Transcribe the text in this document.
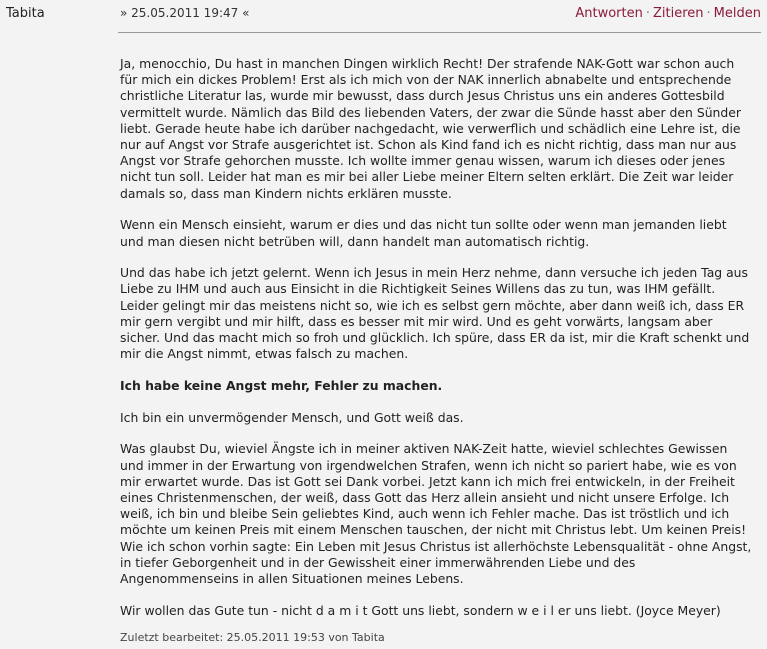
Tabita	» 25.05.2011 19:47 «	Antworten · Zitieren · Melden

Ja, menocchio, Du hast in manchen Dingen wirklich Recht! Der strafende NAK-Gott war schon auch für mich ein dickes Problem! Erst als ich mich von der NAK innerlich abnabelte und entsprechende christliche Literatur las, wurde mir bewusst, dass durch Jesus Christus uns ein anderes Gottesbild vermittelt wurde. Nämlich das Bild des liebenden Vaters, der zwar die Sünde hasst aber den Sünder liebt. Gerade heute habe ich darüber nachgedacht, wie verwerflich und schädlich eine Lehre ist, die nur auf Angst vor Strafe ausgerichtet ist. Schon als Kind fand ich es nicht richtig, dass man nur aus Angst vor Strafe gehorchen musste. Ich wollte immer genau wissen, warum ich dieses oder jenes nicht tun soll. Leider hat man es mir bei aller Liebe meiner Eltern selten erklärt. Die Zeit war leider damals so, dass man Kindern nichts erklären musste.

Wenn ein Mensch einsieht, warum er dies und das nicht tun sollte oder wenn man jemanden liebt und man diesen nicht betrüben will, dann handelt man automatisch richtig.

Und das habe ich jetzt gelernt. Wenn ich Jesus in mein Herz nehme, dann versuche ich jeden Tag aus Liebe zu IHM und auch aus Einsicht in die Richtigkeit Seines Willens das zu tun, was IHM gefällt. Leider gelingt mir das meistens nicht so, wie ich es selbst gern möchte, aber dann weiß ich, dass ER mir gern vergibt und mir hilft, dass es besser mit mir wird. Und es geht vorwärts, langsam aber sicher. Und das macht mich so froh und glücklich. Ich spüre, dass ER da ist, mir die Kraft schenkt und mir die Angst nimmt, etwas falsch zu machen.

Ich habe keine Angst mehr, Fehler zu machen.

Ich bin ein unvermögender Mensch, und Gott weiß das.

Was glaubst Du, wieviel Ängste ich in meiner aktiven NAK-Zeit hatte, wieviel schlechtes Gewissen und immer in der Erwartung von irgendwelchen Strafen, wenn ich nicht so pariert habe, wie es von mir erwartet wurde. Das ist Gott sei Dank vorbei. Jetzt kann ich mich frei entwickeln, in der Freiheit eines Christenmenschen, der weiß, dass Gott das Herz allein ansieht und nicht unsere Erfolge. Ich weiß, ich bin und bleibe Sein geliebtes Kind, auch wenn ich Fehler mache. Das ist tröstlich und ich möchte um keinen Preis mit einem Menschen tauschen, der nicht mit Christus lebt. Um keinen Preis! Wie ich schon vorhin sagte: Ein Leben mit Jesus Christus ist allerhöchste Lebensqualität - ohne Angst, in tiefer Geborgenheit und in der Gewissheit einer immerwährenden Liebe und des Angenommenseins in allen Situationen meines Lebens.

Wir wollen das Gute tun - nicht d a m i t Gott uns liebt, sondern w e i l er uns liebt. (Joyce Meyer)

Zuletzt bearbeitet: 25.05.2011 19:53 von Tabita
